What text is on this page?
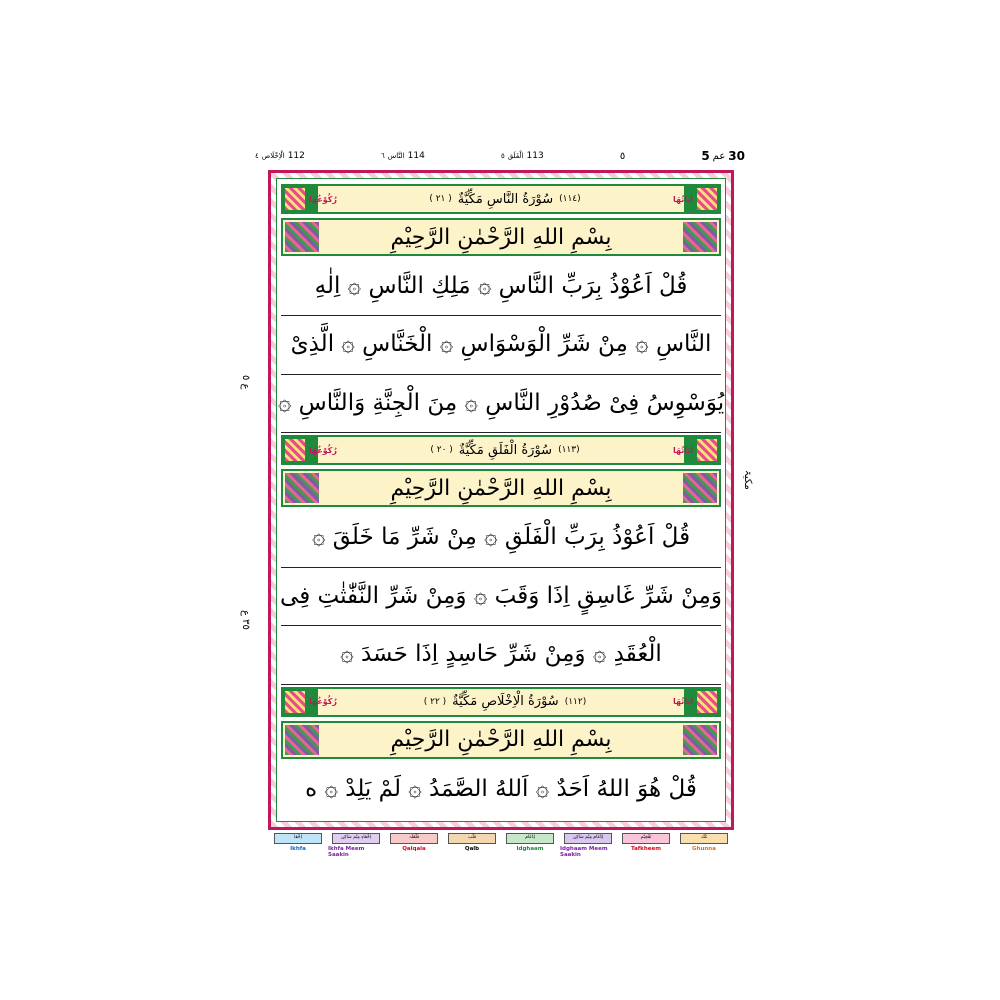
30
عم
5
٥
113
الْفَلَق
٥
114
النَّاس
٦
112
الْاِخْلَاص
٤
ع ٥
٣٥ ع
مکیۃ
اٰیَاتُهَا
(١١٤)
سُوْرَةُ النَّاسِ مَكِّيَّةٌ
( ٢١ )
رُكُوْعُهَا
بِسْمِ اللهِ الرَّحْمٰنِ الرَّحِيْمِ
قُلْ اَعُوْذُ بِرَبِّ النَّاسِ ۞ مَلِكِ النَّاسِ ۞ اِلٰهِ
النَّاسِ ۞ مِنْ شَرِّ الْوَسْوَاسِ ۞ الْخَنَّاسِ ۞ الَّذِىْ
يُوَسْوِسُ فِىْ صُدُوْرِ النَّاسِ ۞ مِنَ الْجِنَّةِ وَالنَّاسِ ۞
اٰیَاتُهَا
(١١٣)
سُوْرَةُ الْفَلَقِ مَكِّيَّةٌ
( ٢٠ )
رُكُوْعُهَا
بِسْمِ اللهِ الرَّحْمٰنِ الرَّحِيْمِ
قُلْ اَعُوْذُ بِرَبِّ الْفَلَقِ ۞ مِنْ شَرِّ مَا خَلَقَ ۞
وَمِنْ شَرِّ غَاسِقٍ اِذَا وَقَبَ ۞ وَمِنْ شَرِّ النَّفّٰثٰتِ فِى
الْعُقَدِ ۞ وَمِنْ شَرِّ حَاسِدٍ اِذَا حَسَدَ ۞
اٰیَاتُهَا
(١١٢)
سُوْرَةُ الْاِخْلَاصِ مَكِّيَّةٌ
( ٢٢ )
رُكُوْعُهَا
بِسْمِ اللهِ الرَّحْمٰنِ الرَّحِيْمِ
قُلْ هُوَ اللهُ اَحَدٌ ۞ اَللهُ الصَّمَدُ ۞ لَمْ يَلِدْ ۞ ه
اِخْفَا
Ikhfa
اِخْفَاءِ مِیْم سَاکِن
Ikhfa Meem Saakin
قَلْقَلَہ
Qalqala
قَلْب
Qalb
اِدْغَام
Idghaam
اِدْغَام مِیْم سَاکِن
Idghaam Meem Saakin
تَفْخِیْم
Tafkheem
غُنَّہ
Ghunna
